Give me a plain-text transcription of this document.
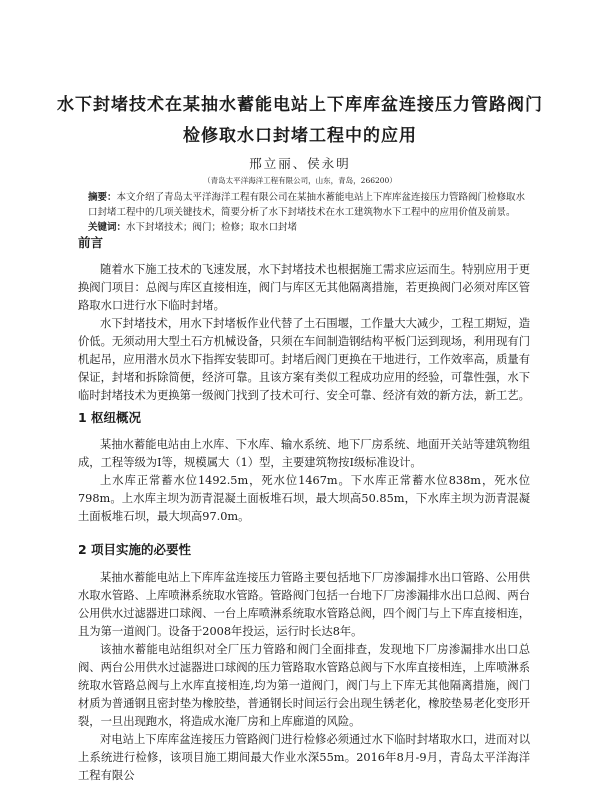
水下封堵技术在某抽水蓄能电站上下库库盆连接压力管路阀门
检修取水口封堵工程中的应用
邢立丽、侯永明
（青岛太平洋海洋工程有限公司，山东，青岛，266200）
摘要：本文介绍了青岛太平洋海洋工程有限公司在某抽水蓄能电站上下库库盆连接压力管路阀门检修取水口封堵工程中的几项关键技术，简要分析了水下封堵技术在水工建筑物水下工程中的应用价值及前景。
关键词：水下封堵技术；阀门；检修；取水口封堵
前言

随着水下施工技术的飞速发展，水下封堵技术也根据施工需求应运而生。特别应用于更换阀门项目：总阀与库区直接相连，阀门与库区无其他隔离措施，若更换阀门必须对库区管路取水口进行水下临时封堵。

水下封堵技术，用水下封堵板作业代替了土石围堰，工作量大大减少，工程工期短，造价低。无须动用大型土石方机械设备，只须在车间制造钢结构平板门运到现场，利用现有门机起吊，应用潜水员水下指挥安装即可。封堵后阀门更换在干地进行，工作效率高，质量有保证，封堵和拆除简便，经济可靠。且该方案有类似工程成功应用的经验，可靠性强，水下临时封堵技术为更换第一级阀门找到了技术可行、安全可靠、经济有效的新方法，新工艺。

1 枢纽概况

某抽水蓄能电站由上水库、下水库、输水系统、地下厂房系统、地面开关站等建筑物组成，工程等级为Ⅰ等，规模属大（1）型，主要建筑物按Ⅰ级标准设计。

上水库正常蓄水位1492.5m，死水位1467m。下水库正常蓄水位838m，死水位798m。上水库主坝为沥青混凝土面板堆石坝，最大坝高50.85m，下水库主坝为沥青混凝土面板堆石坝，最大坝高97.0m。

2 项目实施的必要性

某抽水蓄能电站上下库库盆连接压力管路主要包括地下厂房渗漏排水出口管路、公用供水取水管路、上库喷淋系统取水管路。管路阀门包括一台地下厂房渗漏排水出口总阀、两台公用供水过滤器进口球阀、一台上库喷淋系统取水管路总阀，四个阀门与上下库直接相连，且为第一道阀门。设备于2008年投运，运行时长达8年。

该抽水蓄能电站组织对全厂压力管路和阀门全面排查，发现地下厂房渗漏排水出口总阀、两台公用供水过滤器进口球阀的压力管路取水管路总阀与下水库直接相连，上库喷淋系统取水管路总阀与上水库直接相连,均为第一道阀门，阀门与上下库无其他隔离措施，阀门材质为普通钢且密封垫为橡胶垫，普通钢长时间运行会出现生锈老化，橡胶垫易老化变形开裂，一旦出现跑水，将造成水淹厂房和上库廊道的风险。

对电站上下库库盆连接压力管路阀门进行检修必须通过水下临时封堵取水口，进而对以上系统进行检修，该项目施工期间最大作业水深55m。2016年8月-9月，青岛太平洋海洋工程有限公
